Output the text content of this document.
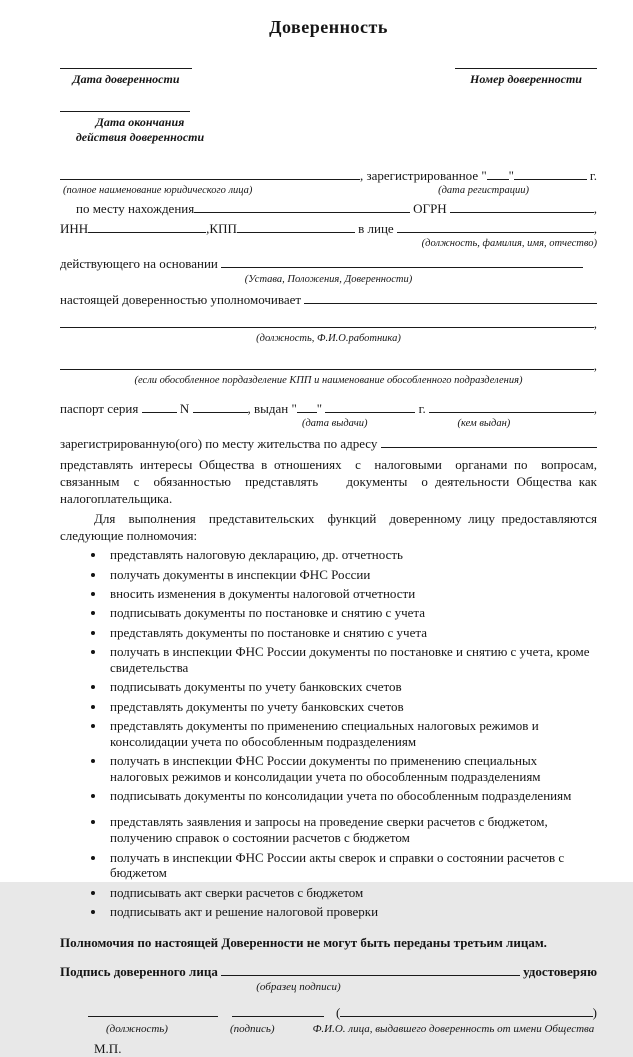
Доверенность
Дата доверенности	Номер доверенности
Дата окончания
действия доверенности
, зарегистрированное " "	г.
(полное наименование юридического лица)	(дата регистрации)
по месту нахождения	ОГРН	,
ИНН	,КПП	в лице	,
(должность, фамилия, имя, отчество)
действующего на основании
(Устава, Положения, Доверенности)
настоящей доверенностью уполномочивает
,
(должность, Ф.И.О.работника)
,
(если обособленное пордазделение КПП и наименование обособленного подразделения)
паспорт серия	N	, выдан " "	г.	,
(дата выдачи)	(кем выдан)
зарегистрированную(ого) по месту жительства по адресу
представлять интересы Общества в отношениях  с  налоговыми  органами по  вопросам, связанным  с  обязанностью  представлять    документы  о деятельности Общества как налогоплательщика.
Для  выполнения  представительских  функций  доверенному лицу предоставляются следующие полномочия:
• представлять налоговую декларацию, др. отчетность
• получать документы в инспекции ФНС России
• вносить изменения в документы налоговой отчетности
• подписывать документы по постановке и снятию с учета
• представлять документы по постановке и снятию с учета
• получать в инспекции ФНС России документы по постановке и снятию с учета, кроме свидетельства
• подписывать документы по учету банковских счетов
• представлять документы по учету банковских счетов
• представлять документы по применению специальных налоговых режимов и консолидации учета по обособленным подразделениям
• получать в инспекции ФНС России документы по применению специальных налоговых режимов и консолидации учета по обособленным подразделениям
• подписывать документы по консолидации учета по обособленным подразделениям
• представлять заявления и запросы на проведение сверки расчетов с бюджетом, получению справок о состоянии расчетов с бюджетом
• получать в инспекции ФНС России акты сверок и справки о состоянии расчетов с бюджетом
• подписывать акт сверки расчетов с бюджетом
• подписывать акт и решение налоговой проверки
Полномочия по настоящей Доверенности не могут быть переданы третьим лицам.
Подпись доверенного лица	удостоверяю
(образец подписи)
(	)
(должность)	(подпись)	Ф.И.О. лица, выдавшего доверенность от имени Общества
М.П.
